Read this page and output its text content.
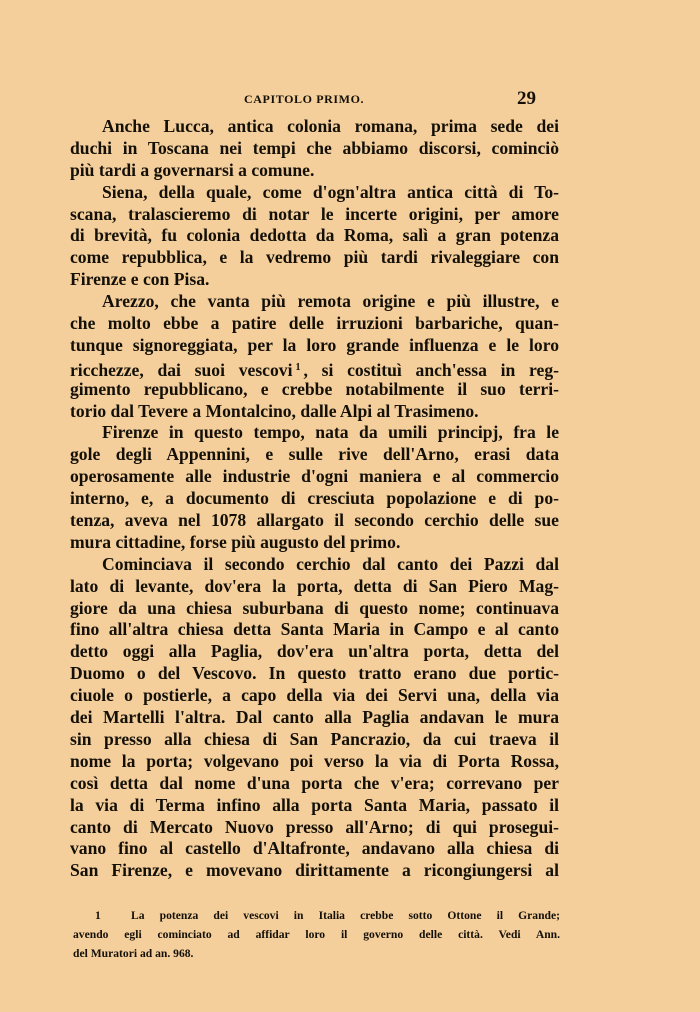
CAPITOLO PRIMO.	29
Anche Lucca, antica colonia romana, prima sede dei
duchi in Toscana nei tempi che abbiamo discorsi, cominciò
più tardi a governarsi a comune.
Siena, della quale, come d'ogn'altra antica città di To-
scana, tralascieremo di notar le incerte origini, per amore
di brevità, fu colonia dedotta da Roma, salì a gran potenza
come repubblica, e la vedremo più tardi rivaleggiare con
Firenze e con Pisa.
Arezzo, che vanta più remota origine e più illustre, e
che molto ebbe a patire delle irruzioni barbariche, quan-
tunque signoreggiata, per la loro grande influenza e le loro
ricchezze, dai suoi vescovi $^1$ , si costituì anch'essa in reg-
gimento repubblicano, e crebbe notabilmente il suo terri-
torio dal Tevere a Montalcino, dalle Alpi al Trasimeno.
Firenze in questo tempo, nata da umili principj, fra le
gole degli Appennini, e sulle rive dell'Arno, erasi data
operosamente alle industrie d'ogni maniera e al commercio
interno, e, a documento di cresciuta popolazione e di po-
tenza, aveva nel 1078 allargato il secondo cerchio delle sue
mura cittadine, forse più augusto del primo.
Cominciava il secondo cerchio dal canto dei Pazzi dal
lato di levante, dov'era la porta, detta di San Piero Mag-
giore da una chiesa suburbana di questo nome; continuava
fino all'altra chiesa detta Santa Maria in Campo e al canto
detto oggi alla Paglia, dov'era un'altra porta, detta del
Duomo o del Vescovo. In questo tratto erano due portic-
ciuole o postierle, a capo della via dei Servi una, della via
dei Martelli l'altra. Dal canto alla Paglia andavan le mura
sin presso alla chiesa di San Pancrazio, da cui traeva il
nome la porta; volgevano poi verso la via di Porta Rossa,
così detta dal nome d'una porta che v'era; correvano per
la via di Terma infino alla porta Santa Maria, passato il
canto di Mercato Nuovo presso all'Arno; di qui prosegui-
vano fino al castello d'Altafronte, andavano alla chiesa di
San Firenze, e movevano dirittamente a ricongiungersi al
1	La potenza dei vescovi in Italia crebbe sotto Ottone il Grande;
avendo egli cominciato ad affidar loro il governo delle città. Vedi Ann.
del Muratori ad an. 968.
